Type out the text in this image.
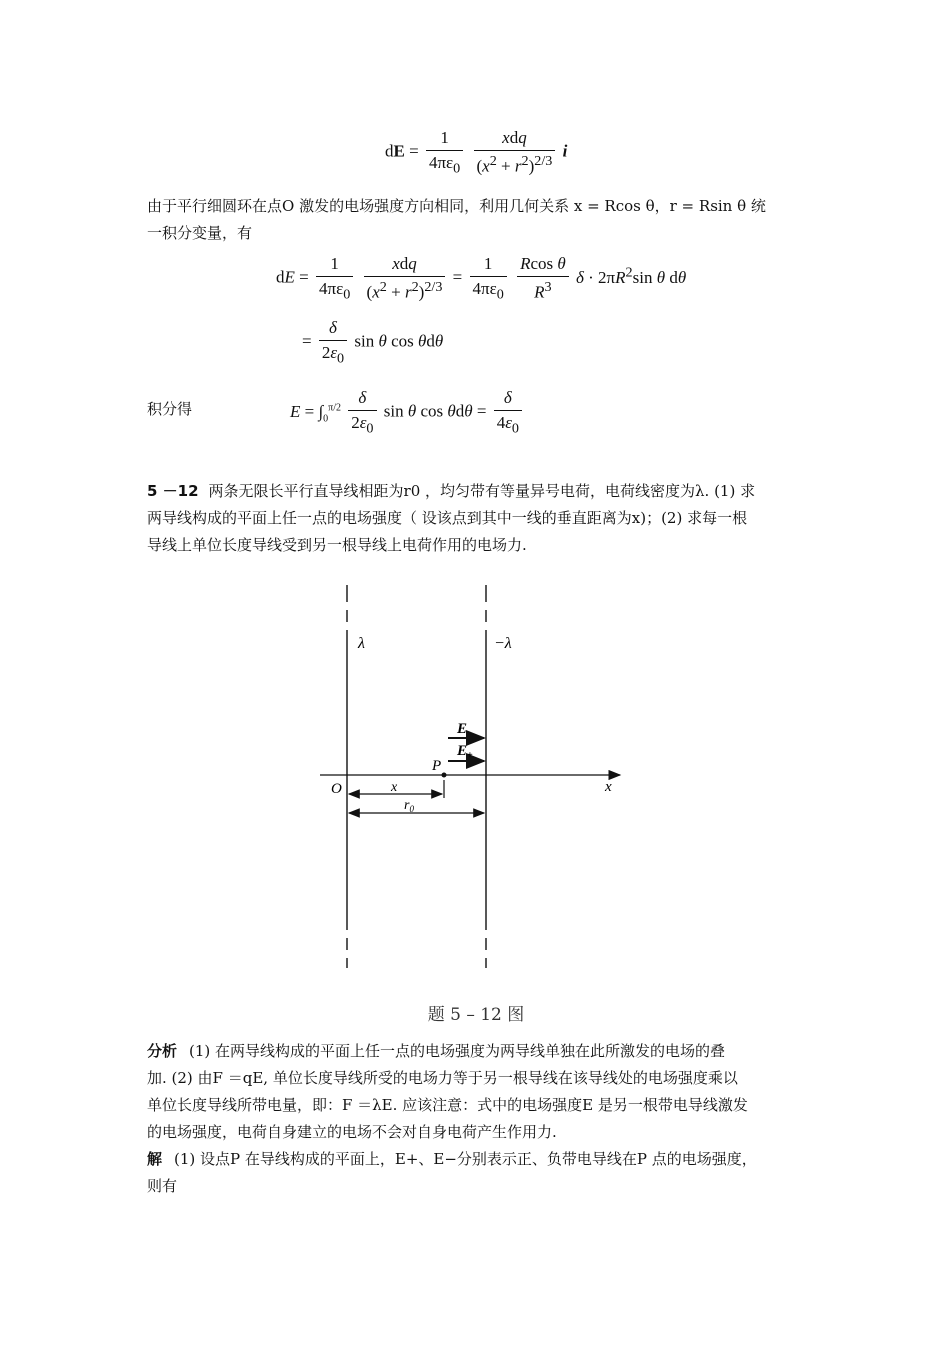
dE = $\frac{1}{4\pi\varepsilon_0}$
$\frac{\text{xdq}}{(x^2 + r^2)^{2/3}}$ i
由于平行细圆环在点O 激发的电场强度方向相同，利用几何关系 x = Rcos θ，r = Rsin θ 统
一积分变量，有
dE = $\frac{1}{4\pi\varepsilon_0}$
$\frac{\text{xdq}}{(x^2 + r^2)^{2/3}} = \frac{1}{4\pi\varepsilon_0}$
$\frac{\text{Rcos θ}}{R^3}$ $\delta \cdot 2\pi R^2\sin$ θ dθ
= $\frac{\delta}{2\varepsilon_0}$ sin θ cos θdθ
积分得	$E = \int_0^{\pi/2} \frac{\delta}{2\varepsilon_0}$ sin θ $\cos \theta d\theta = \frac{\delta}{4\varepsilon_0}$
5 －12 两条无限长平行直导线相距为r0 ，均匀带有等量异号电荷，电荷线密度为λ. (1) 求
两导线构成的平面上任一点的电场强度（ 设该点到其中一线的垂直距离为x)；(2) 求每一根
导线上单位长度导线受到另一根导线上电荷作用的电场力.
λ	−λ
x
O
P
E
$E_+$
x
$r_0$
题 5 – 12 图
分析 (1) 在两导线构成的平面上任一点的电场强度为两导线单独在此所激发的电场的叠
加. (2) 由F ＝qE, 单位长度导线所受的电场力等于另一根导线在该导线处的电场强度乘以
单位长度导线所带电量，即：F ＝λE. 应该注意：式中的电场强度E 是另一根带电导线激发
的电场强度，电荷自身建立的电场不会对自身电荷产生作用力.
解 (1) 设点P 在导线构成的平面上，E+、E−分别表示正、负带电导线在P 点的电场强度，
则有
